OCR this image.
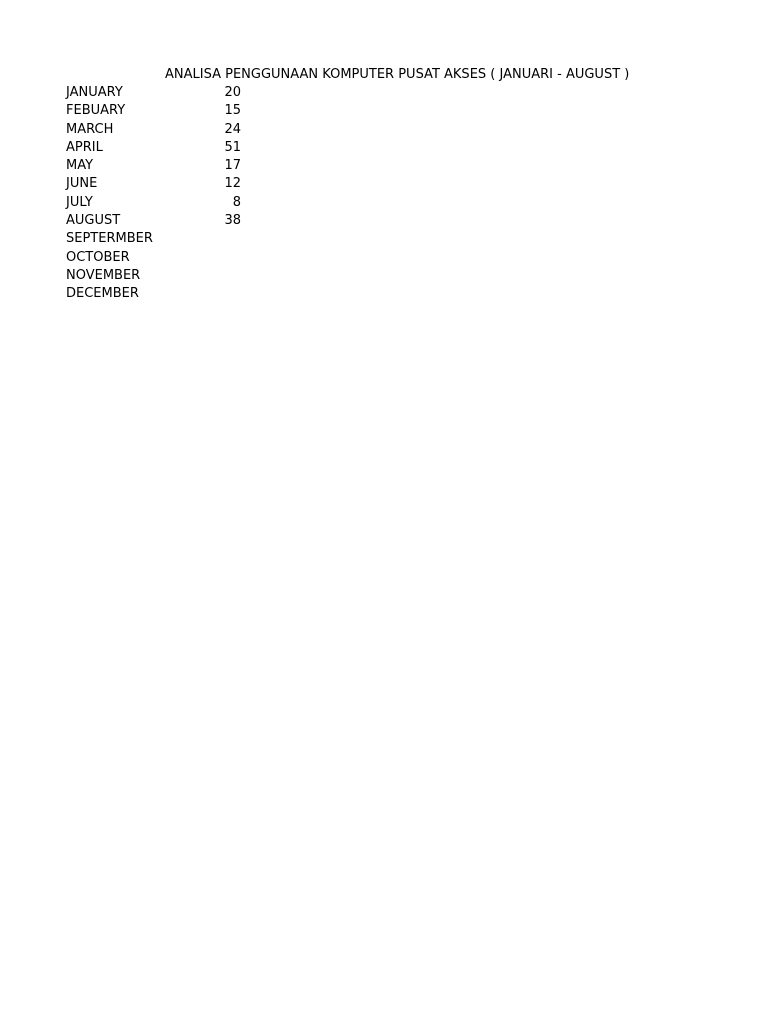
ANALISA PENGGUNAAN KOMPUTER PUSAT AKSES ( JANUARI - AUGUST )
JANUARY	20
FEBUARY	15
MARCH	24
APRIL	51
MAY	17
JUNE	12
JULY	8
AUGUST	38
SEPTERMBER
OCTOBER
NOVEMBER
DECEMBER
